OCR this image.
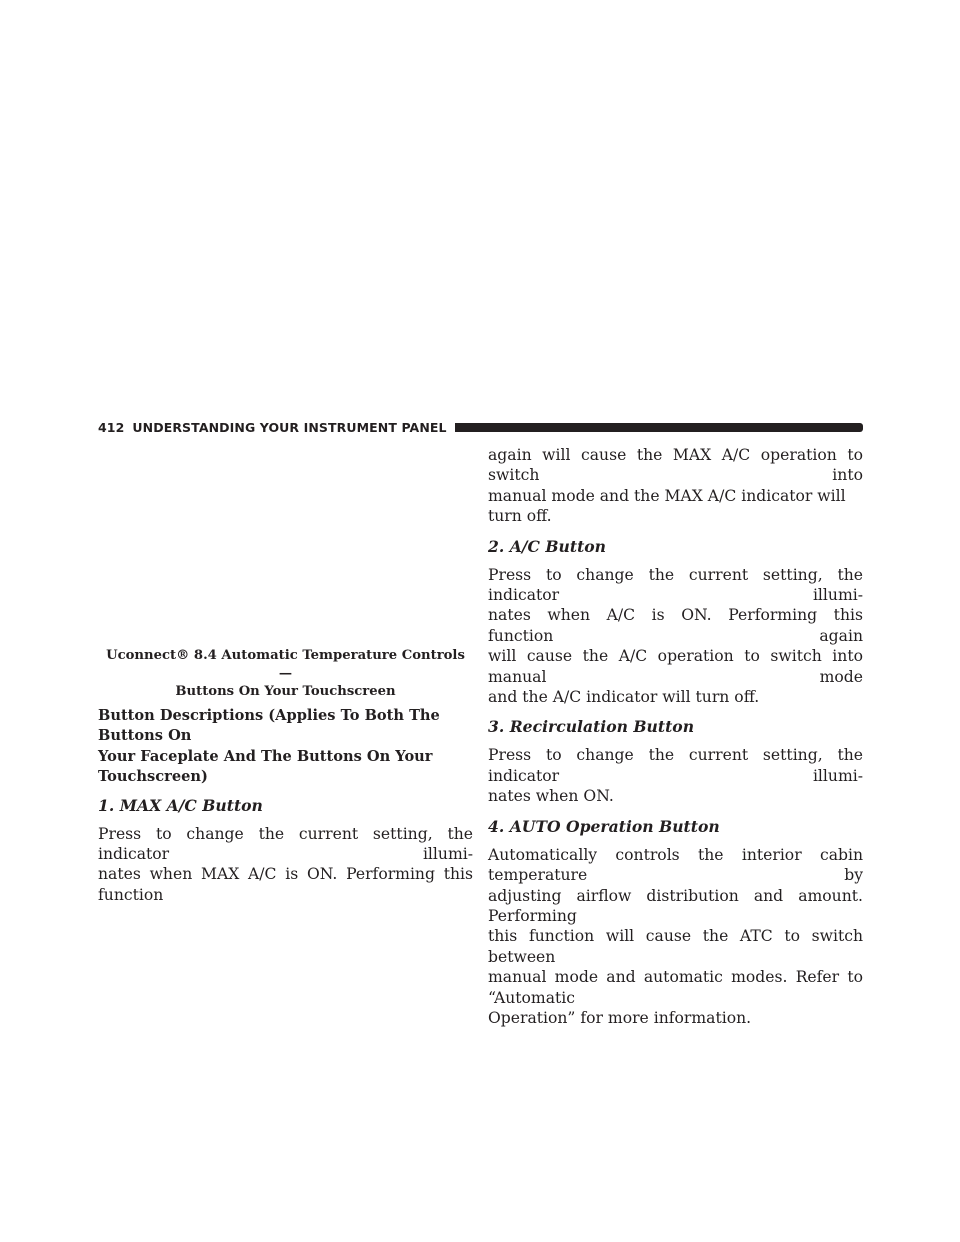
412 UNDERSTANDING YOUR INSTRUMENT PANEL
Uconnect® 8.4 Automatic Temperature Controls —
Buttons On Your Touchscreen
Button Descriptions (Applies To Both The Buttons On
Your Faceplate And The Buttons On Your Touchscreen)
1. MAX A/C Button

Press to change the current setting, the indicator illumi-
nates when MAX A/C is ON. Performing this function

again will cause the MAX A/C operation to switch into
manual mode and the MAX A/C indicator will turn off.

2. A/C Button

Press to change the current setting, the indicator illumi-
nates when A/C is ON. Performing this function again
will cause the A/C operation to switch into manual mode
and the A/C indicator will turn off.

3. Recirculation Button

Press to change the current setting, the indicator illumi-
nates when ON.

4. AUTO Operation Button

Automatically controls the interior cabin temperature by
adjusting airflow distribution and amount. Performing
this function will cause the ATC to switch between
manual mode and automatic modes. Refer to “Automatic
Operation” for more information.
